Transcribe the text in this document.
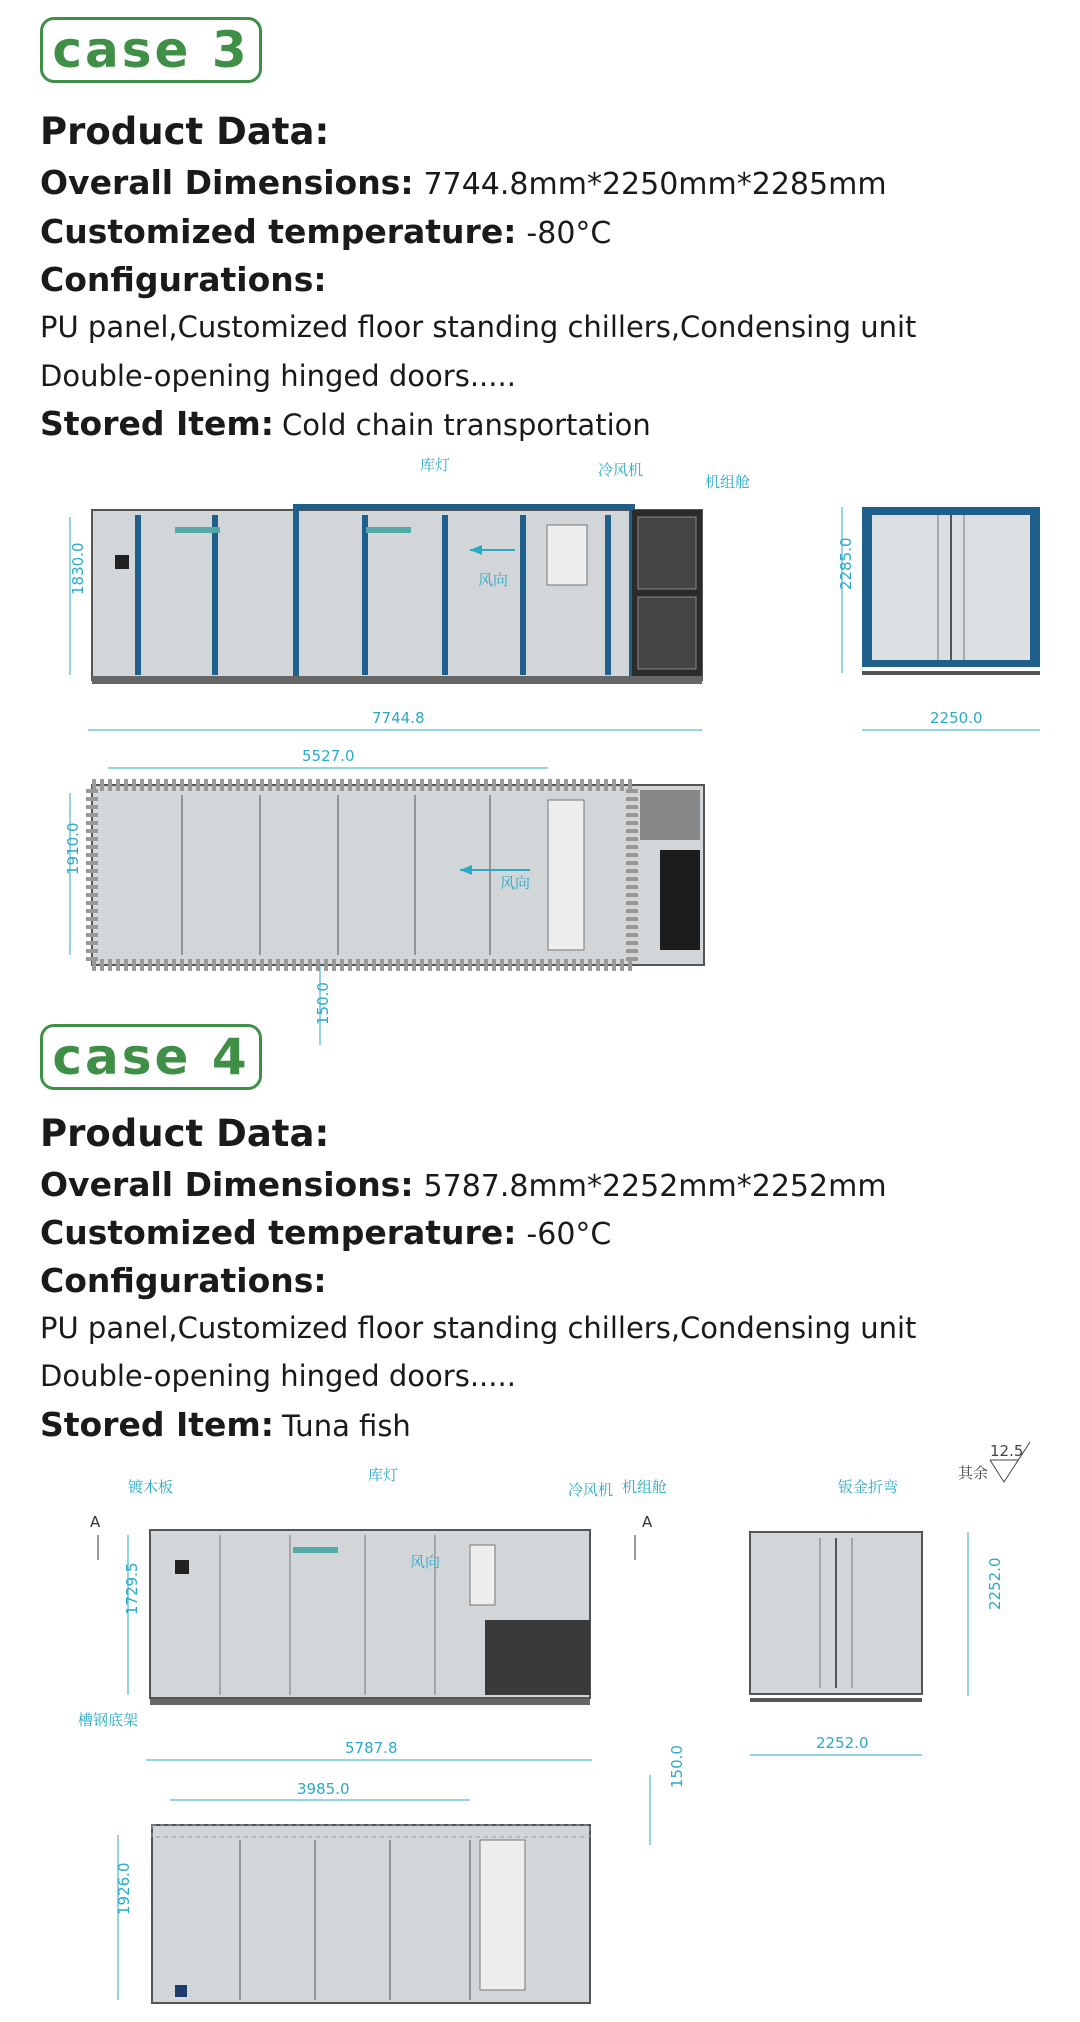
case 3
Product Data:
Overall Dimensions: 7744.8mm*2250mm*2285mm
Customized temperature: -80°C
Configurations:
PU panel,Customized floor standing chillers,Condensing unit
Double-opening hinged doors.....
Stored Item: Cold chain transportation
风向
库灯	冷风机
机组舱
1830.0
7744.8
2285.0
2250.0
5527.0
风向
1910.0
150.0
case 4
Product Data:
Overall Dimensions: 5787.8mm*2252mm*2252mm
Customized temperature: -60°C
Configurations:
PU panel,Customized floor standing chillers,Condensing unit
Double-opening hinged doors.....
Stored Item: Tuna fish
其余
12.5
镀木板
库灯
冷风机 机组舱
风向
A	A
槽钢底架
1729.5
5787.8
钣金折弯
2252.0
2252.0
3985.0
150.0
1926.0
